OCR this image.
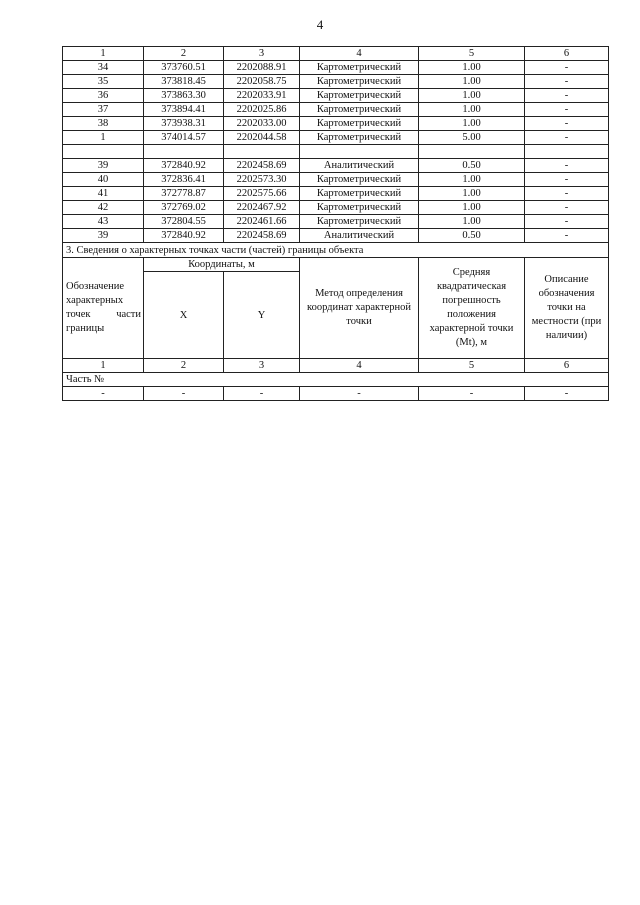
4
1	2	3	4	5	6
34	373760.51	2202088.91	Картометрический	1.00	-
35	373818.45	2202058.75	Картометрический	1.00	-
36	373863.30	2202033.91	Картометрический	1.00	-
37	373894.41	2202025.86	Картометрический	1.00	-
38	373938.31	2202033.00	Картометрический	1.00	-
1	374014.57	2202044.58	Картометрический	5.00	-

39	372840.92	2202458.69	Аналитический	0.50	-
40	372836.41	2202573.30	Картометрический	1.00	-
41	372778.87	2202575.66	Картометрический	1.00	-
42	372769.02	2202467.92	Картометрический	1.00	-
43	372804.55	2202461.66	Картометрический	1.00	-
39	372840.92	2202458.69	Аналитический	0.50	-
3. Сведения о характерных точках части (частей) границы объекта					
Обозначение характерных точек части границы	Координаты, м		Метод определения координат характерной точки	Средняя квадратическая погрешность положения характерной точки (Mt), м	Описание обозначения точки на местности (при наличии)
	X	Y			
1	2	3	4	5	6
Часть №					
-	-	-	-	-	-
